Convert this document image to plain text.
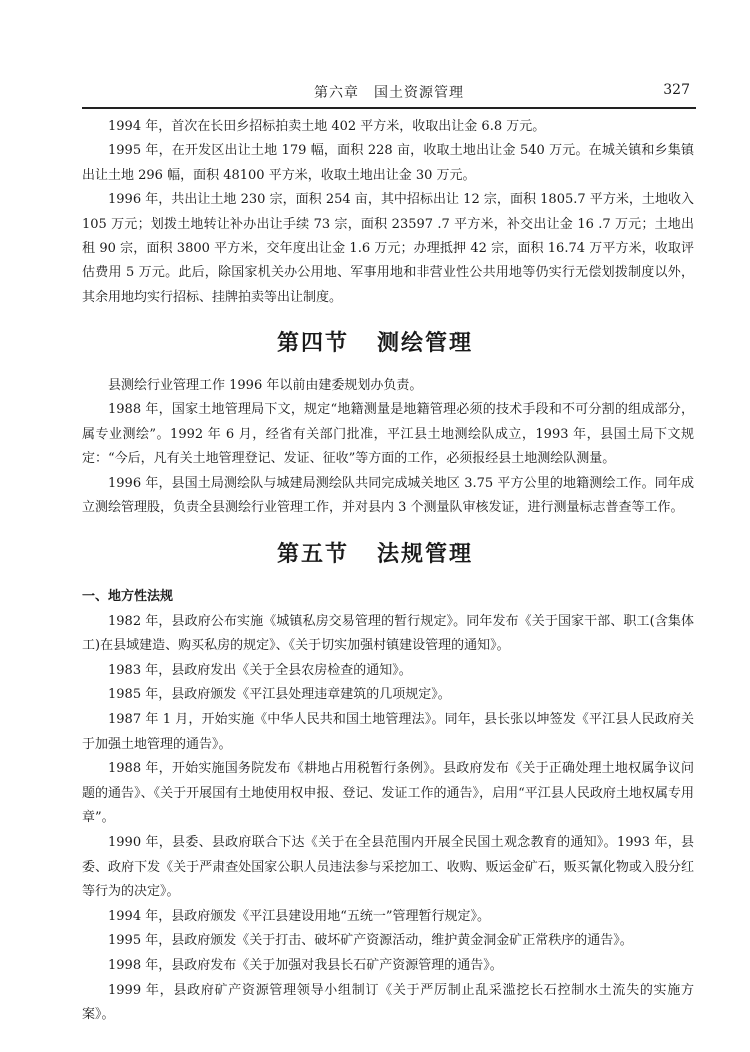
第六章　国土资源管理	327

1994 年，首次在长田乡招标拍卖土地 402 平方米，收取出让金 6.8 万元。

1995 年，在开发区出让土地 179 幅，面积 228 亩，收取土地出让金 540 万元。在城关镇和乡集镇出让土地 296 幅，面积 48100 平方米，收取土地出让金 30 万元。

1996 年，共出让土地 230 宗，面积 254 亩，其中招标出让 12 宗，面积 1805.7 平方米，土地收入 105 万元；划拨土地转让补办出让手续 73 宗，面积 23597 .7 平方米，补交出让金 16 .7 万元；土地出租 90 宗，面积 3800 平方米，交年度出让金 1.6 万元；办理抵押 42 宗，面积 16.74 万平方米，收取评估费用 5 万元。此后，除国家机关办公用地、军事用地和非营业性公共用地等仍实行无偿划拨制度以外，其余用地均实行招标、挂牌拍卖等出让制度。

第四节 测绘管理

县测绘行业管理工作 1996 年以前由建委规划办负责。

1988 年，国家土地管理局下文，规定“地籍测量是地籍管理必须的技术手段和不可分割的组成部分，属专业测绘”。1992 年 6 月，经省有关部门批准，平江县土地测绘队成立，1993 年，县国土局下文规定：“今后，凡有关土地管理登记、发证、征收”等方面的工作，必须报经县土地测绘队测量。

1996 年，县国土局测绘队与城建局测绘队共同完成城关地区 3.75 平方公里的地籍测绘工作。同年成立测绘管理股，负责全县测绘行业管理工作，并对县内 3 个测量队审核发证，进行测量标志普查等工作。

第五节 法规管理

一、地方性法规

1982 年，县政府公布实施《城镇私房交易管理的暂行规定》。同年发布《关于国家干部、职工(含集体工)在县域建造、购买私房的规定》、《关于切实加强村镇建设管理的通知》。

1983 年，县政府发出《关于全县农房检查的通知》。

1985 年，县政府颁发《平江县处理违章建筑的几项规定》。

1987 年 1 月，开始实施《中华人民共和国土地管理法》。同年，县长张以坤签发《平江县人民政府关于加强土地管理的通告》。

1988 年，开始实施国务院发布《耕地占用税暂行条例》。县政府发布《关于正确处理土地权属争议问题的通告》、《关于开展国有土地使用权申报、登记、发证工作的通告》，启用“平江县人民政府土地权属专用章”。

1990 年，县委、县政府联合下达《关于在全县范围内开展全民国土观念教育的通知》。1993 年，县委、政府下发《关于严肃查处国家公职人员违法参与采挖加工、收购、贩运金矿石，贩买氰化物或入股分红等行为的决定》。

1994 年，县政府颁发《平江县建设用地“五统一”管理暂行规定》。

1995 年，县政府颁发《关于打击、破坏矿产资源活动，维护黄金洞金矿正常秩序的通告》。

1998 年，县政府发布《关于加强对我县长石矿产资源管理的通告》。

1999 年，县政府矿产资源管理领导小组制订《关于严厉制止乱采滥挖长石控制水土流失的实施方案》。
